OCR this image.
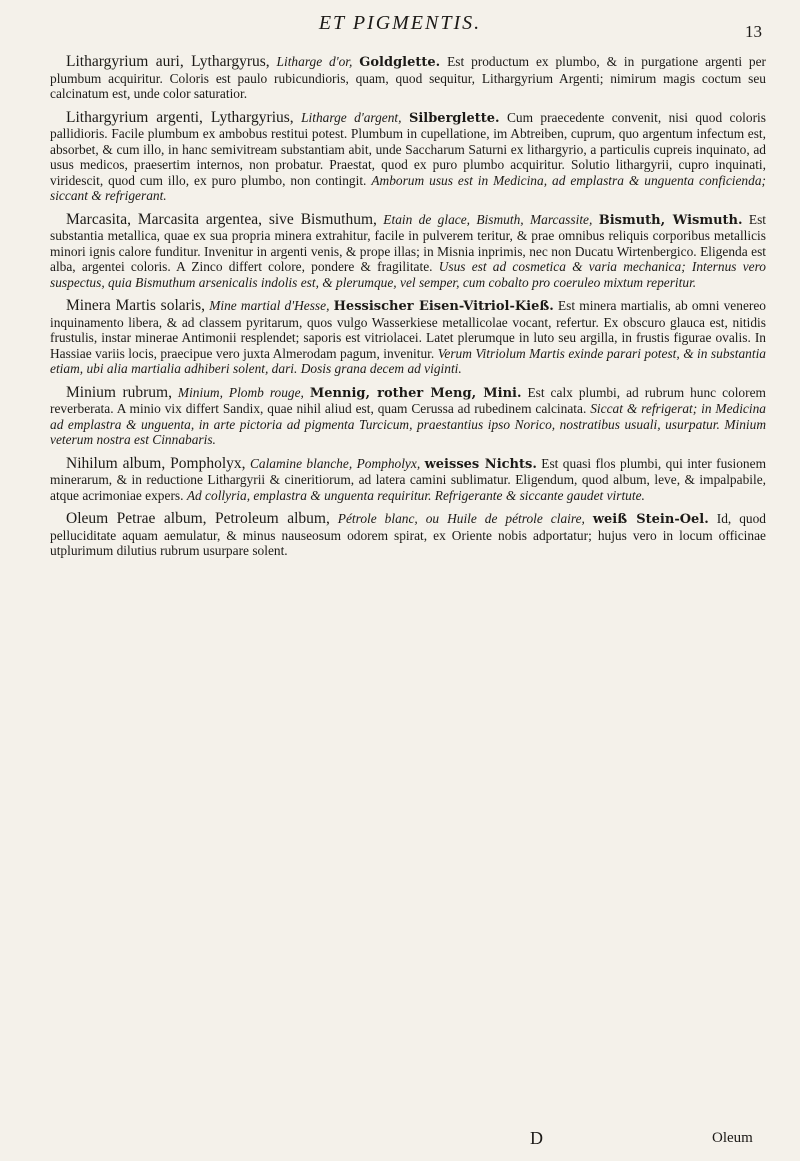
ET PIGMENTIS.	13

Lithargyrium auri, Lythargyrus, Litharge d'or, Goldglette. Est productum ex plumbo, & in purgatione argenti per plumbum acquiritur. Coloris est paulo rubicundioris, quam, quod sequitur, Lithargyrium Argenti; nimirum magis coctum seu calcinatum est, unde color saturatior.

Lithargyrium argenti, Lythargyrius, Litharge d'argent, Silberglette. Cum praecedente convenit, nisi quod coloris pallidioris. Facile plumbum ex ambobus restitui potest. Plumbum in cupellatione, im Abtreiben, cuprum, quo argentum infectum est, absorbet, & cum illo, in hanc semivitream substantiam abit, unde Saccharum Saturni ex lithargyrio, a particulis cupreis inquinato, ad usus medicos, praesertim internos, non probatur. Praestat, quod ex puro plumbo acquiritur. Solutio lithargyrii, cupro inquinati, viridescit, quod cum illo, ex puro plumbo, non contingit. Amborum usus est in Medicina, ad emplastra & unguenta conficienda; siccant & refrigerant.

Marcasita, Marcasita argentea, sive Bismuthum, Etain de glace, Bismuth, Marcassite, Bismuth, Wismuth. Est substantia metallica, quae ex sua propria minera extrahitur, facile in pulverem teritur, & prae omnibus reliquis corporibus metallicis minori ignis calore funditur. Invenitur in argenti venis, & prope illas; in Misnia inprimis, nec non Ducatu Wirtenbergico. Eligenda est alba, argentei coloris. A Zinco differt colore, pondere & fragilitate. Usus est ad cosmetica & varia mechanica; Internus vero suspectus, quia Bismuthum arsenicalis indolis est, & plerumque, vel semper, cum cobalto pro coeruleo mixtum reperitur.

Minera Martis solaris, Mine martial d'Hesse, Hessischer Eisen-Vitriol-Kieß. Est minera martialis, ab omni venereo inquinamento libera, & ad classem pyritarum, quos vulgo Wasserkiese metallicolae vocant, refertur. Ex obscuro glauca est, nitidis frustulis, instar minerae Antimonii resplendet; saporis est vitriolacei. Latet plerumque in luto seu argilla, in frustis figurae ovalis. In Hassiae variis locis, praecipue vero juxta Almerodam pagum, invenitur. Verum Vitriolum Martis exinde parari potest, & in substantia etiam, ubi alia martialia adhiberi solent, dari. Dosis grana decem ad viginti.

Minium rubrum, Minium, Plomb rouge, Mennig, rother Meng, Mini. Est calx plumbi, ad rubrum hunc colorem reverberata. A minio vix differt Sandix, quae nihil aliud est, quam Cerussa ad rubedinem calcinata. Siccat & refrigerat; in Medicina ad emplastra & unguenta, in arte pictoria ad pigmenta Turcicum, praestantius ipso Norico, nostratibus usuali, usurpatur. Minium veterum nostra est Cinnabaris.

Nihilum album, Pompholyx, Calamine blanche, Pompholyx, weisses Nichts. Est quasi flos plumbi, qui inter fusionem minerarum, & in reductione Lithargyrii & cineritiorum, ad latera camini sublimatur. Eligendum, quod album, leve, & impalpabile, atque acrimoniae expers. Ad collyria, emplastra & unguenta requiritur. Refrigerante & siccante gaudet virtute.

Oleum Petrae album, Petroleum album, Pétrole blanc, ou Huile de pétrole claire, weiß Stein-Oel. Id, quod pelluciditate aquam aemulatur, & minus nauseosum odorem spirat, ex Oriente nobis adportatur; hujus vero in locum officinae utplurimum dilutius rubrum usurpare solent.

D	Oleum
